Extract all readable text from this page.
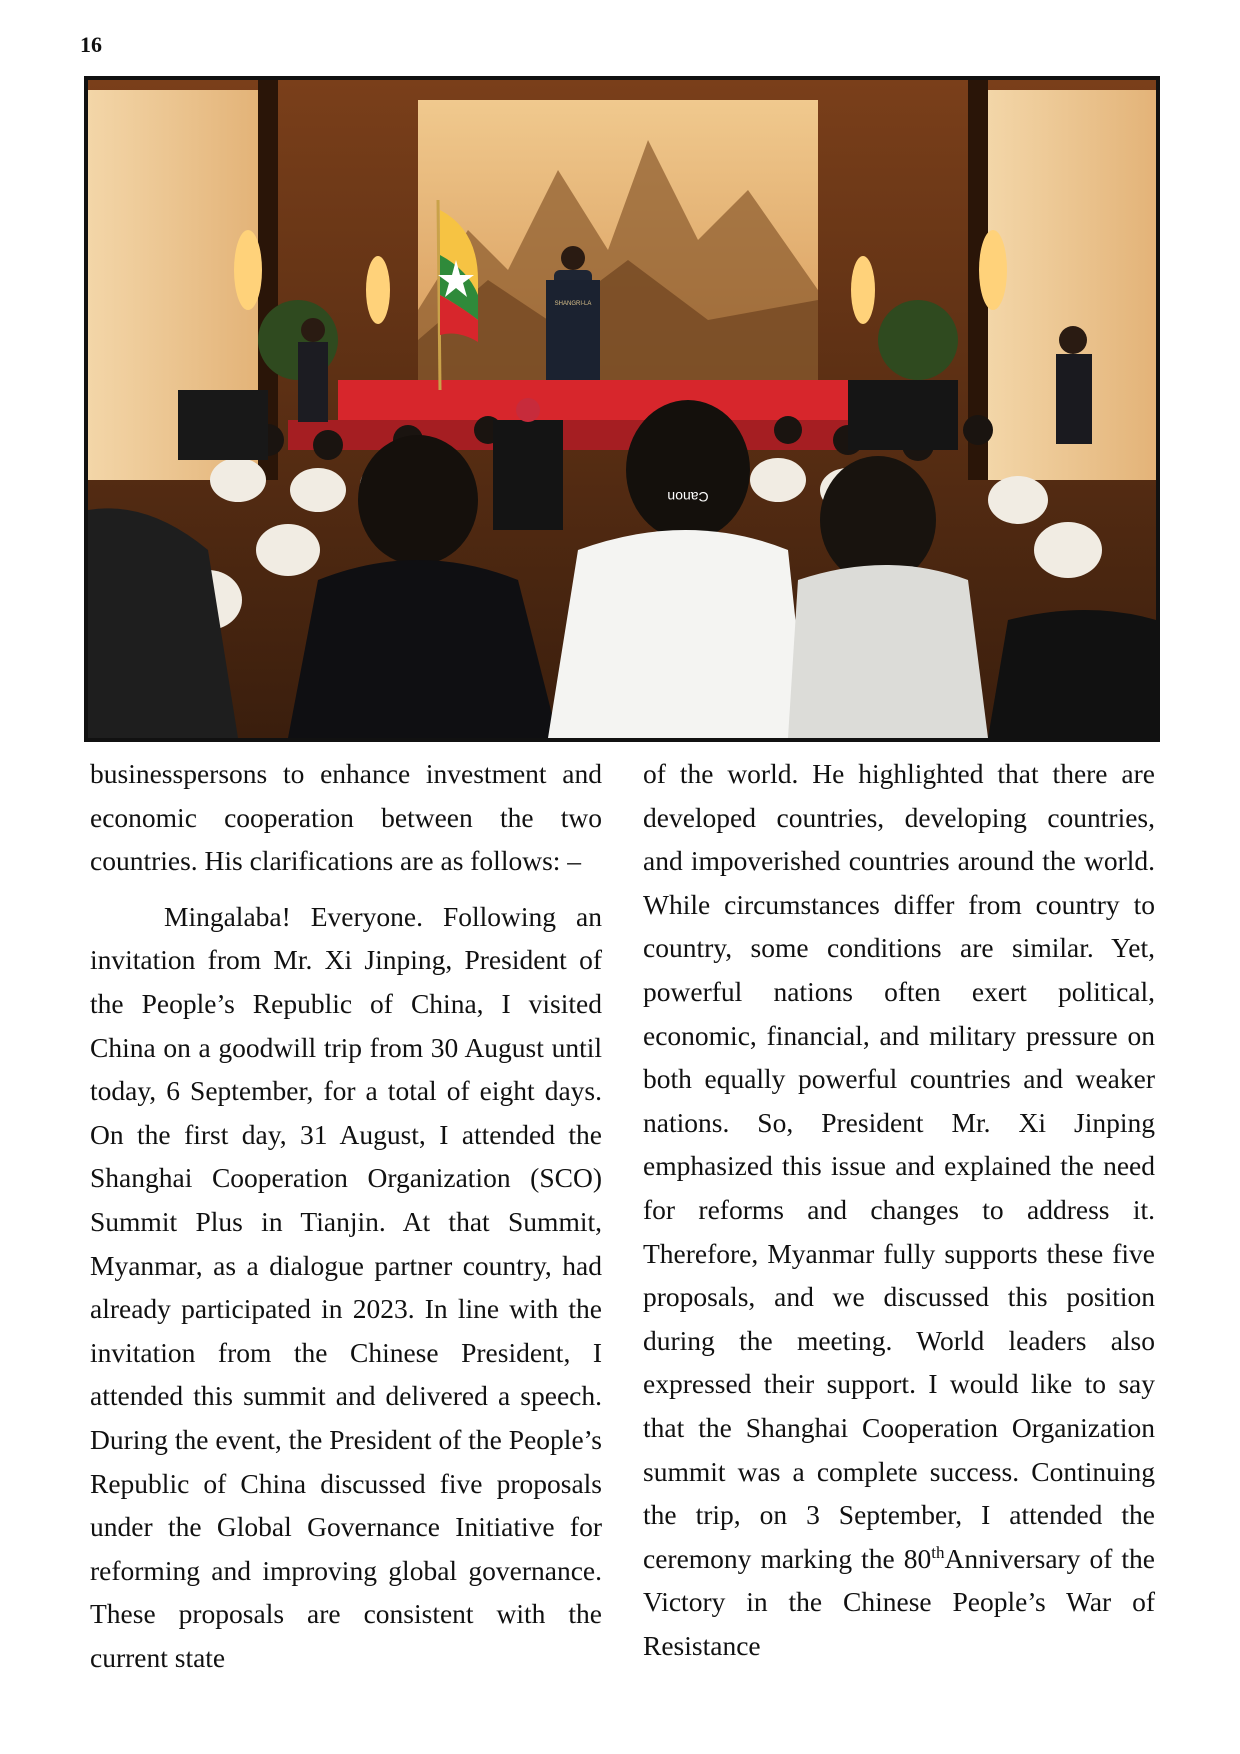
16
SHANGRI-LA
Canon

businesspersons to enhance investment and economic cooperation between the two countries. His clarifications are as follows: –

Mingalaba! Everyone. Following an invitation from Mr. Xi Jinping, President of the People’s Republic of China, I visited China on a goodwill trip from 30 August until today, 6 September, for a total of eight days. On the first day, 31 August, I attended the Shanghai Cooperation Organization (SCO) Summit Plus in Tianjin. At that Summit, Myanmar, as a dialogue partner country, had already participated in 2023. In line with the invitation from the Chinese President, I attended this summit and delivered a speech. During the event, the President of the People’s Republic of China discussed five proposals under the Global Governance Initiative for reforming and improving global governance. These proposals are consistent with the current state

of the world. He highlighted that there are developed countries, developing countries, and impoverished countries around the world. While circumstances differ from country to country, some conditions are similar. Yet, powerful nations often exert political, economic, financial, and military pressure on both equally powerful countries and weaker nations. So, President Mr. Xi Jinping emphasized this issue and explained the need for reforms and changes to address it. Therefore, Myanmar fully supports these five proposals, and we discussed this position during the meeting. World leaders also expressed their support. I would like to say that the Shanghai Cooperation Organization summit was a complete success. Continuing the trip, on 3 September, I attended the ceremony marking the 80thAnniversary of the Victory in the Chinese People’s War of Resistance
